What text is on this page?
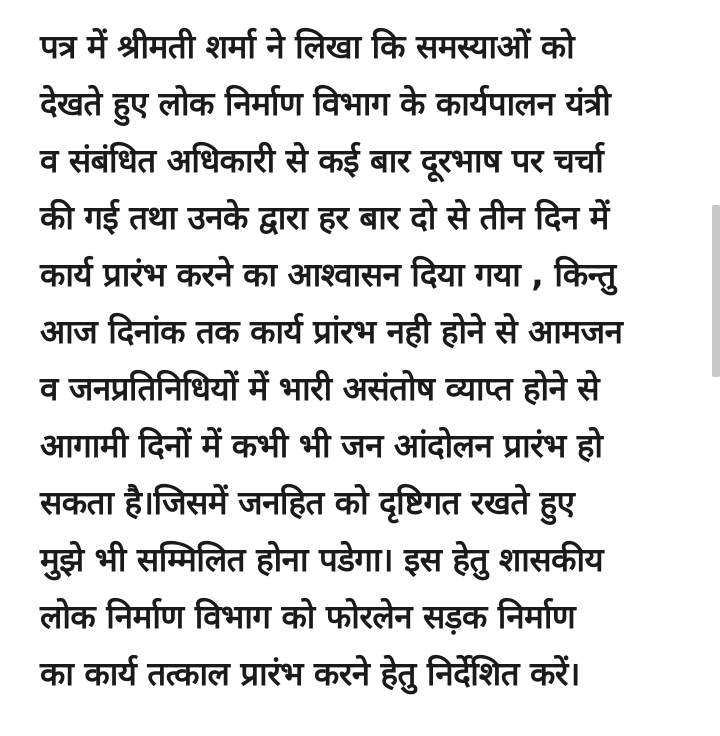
पत्र में श्रीमती शर्मा ने लिखा कि समस्याओं को
देखते हुए लोक निर्माण विभाग के कार्यपालन यंत्री
व संबंधित अधिकारी से कई बार दूरभाष पर चर्चा
की गई तथा उनके द्वारा हर बार दो से तीन दिन में
कार्य प्रारंभ करने का आश्वासन दिया गया , किन्तु
आज दिनांक तक कार्य प्रांरभ नही होने से आमजन
व जनप्रतिनिधियों में भारी असंतोष व्याप्त होने से
आगामी दिनों में कभी भी जन आंदोलन प्रारंभ हो
सकता है।जिसमें जनहित को दृष्टिगत रखते हुए
मुझे भी सम्मिलित होना पडेगा। इस हेतु शासकीय
लोक निर्माण विभाग को फोरलेन सड़क निर्माण
का कार्य तत्काल प्रारंभ करने हेतु निर्देशित करें।
